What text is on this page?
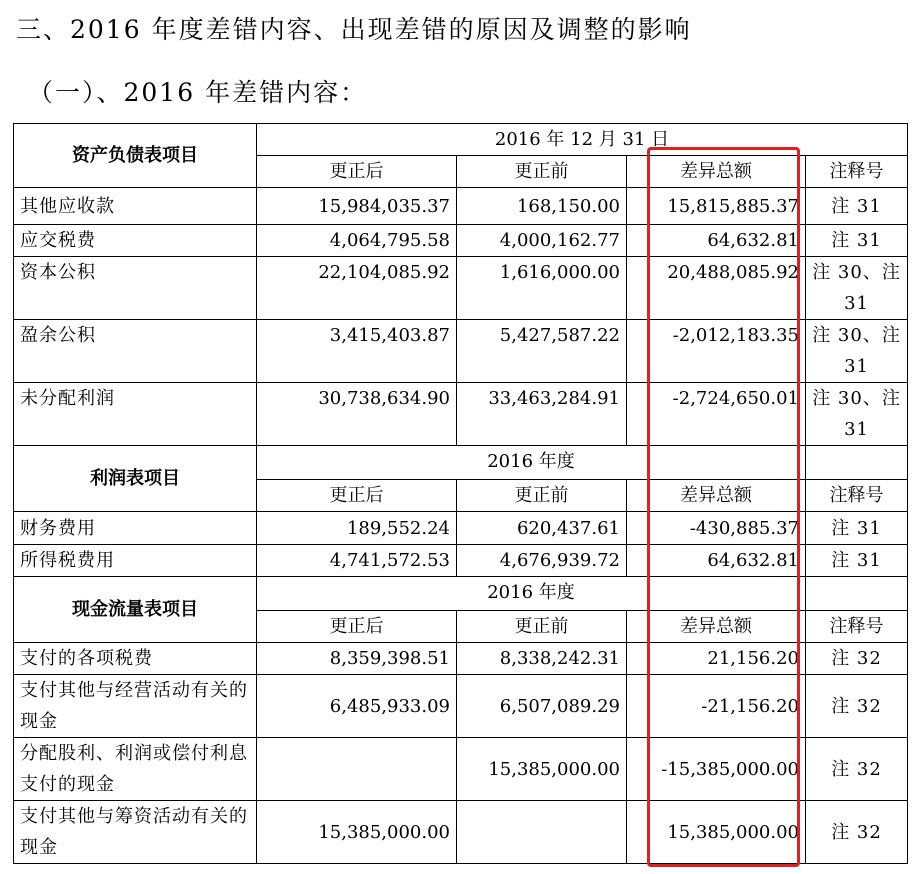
三、2016 年度差错内容、出现差错的原因及调整的影响
（一）、2016 年差错内容：
资产负债表项目	2016 年 12 月 31 日			
	更正后	更正前	差异总额	注释号
其他应收款	15,984,035.37	168,150.00	15,815,885.37	注 31
应交税费	4,064,795.58	4,000,162.77	64,632.81	注 31
资本公积	22,104,085.92	1,616,000.00	20,488,085.92	注 30、注 31
盈余公积	3,415,403.87	5,427,587.22	-2,012,183.35	注 30、注 31
未分配利润	30,738,634.90	33,463,284.91	-2,724,650.01	注 30、注 31
利润表项目	2016 年度			
	更正后	更正前	差异总额	注释号
财务费用	189,552.24	620,437.61	-430,885.37	注 31
所得税费用	4,741,572.53	4,676,939.72	64,632.81	注 31
现金流量表项目	2016 年度			
	更正后	更正前	差异总额	注释号
支付的各项税费	8,359,398.51	8,338,242.31	21,156.20	注 32
支付其他与经营活动有关的现金	6,485,933.09	6,507,089.29	-21,156.20	注 32
分配股利、利润或偿付利息支付的现金		15,385,000.00	-15,385,000.00	注 32
支付其他与筹资活动有关的现金	15,385,000.00		15,385,000.00	注 32
